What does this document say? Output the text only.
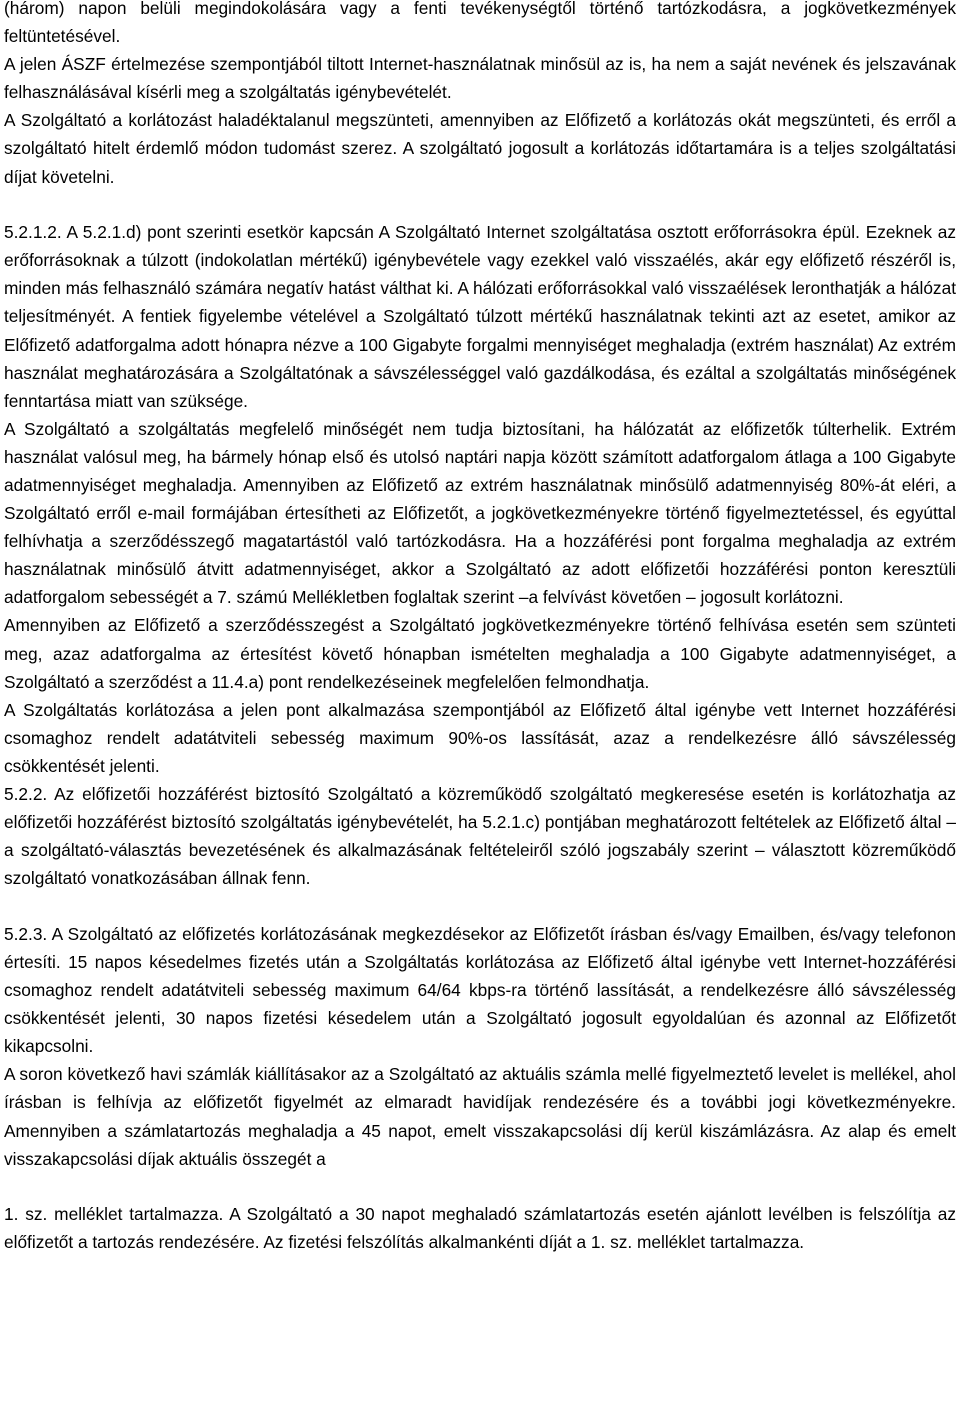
(három) napon belüli megindokolására vagy a fenti tevékenységtől történő tartózkodásra, a jogkövetkezmények feltüntetésével.

A jelen ÁSZF értelmezése szempontjából tiltott Internet-használatnak minősül az is, ha nem a saját nevének és jelszavának felhasználásával kísérli meg a szolgáltatás igénybevételét.

A Szolgáltató a korlátozást haladéktalanul megszünteti, amennyiben az Előfizető a korlátozás okát megszünteti, és erről a szolgáltató hitelt érdemlő módon tudomást szerez. A szolgáltató jogosult a korlátozás időtartamára is a teljes szolgáltatási díjat követelni.

5.2.1.2. A 5.2.1.d) pont szerinti esetkör kapcsán A Szolgáltató Internet szolgáltatása osztott erőforrásokra épül. Ezeknek az erőforrásoknak a túlzott (indokolatlan mértékű) igénybevétele vagy ezekkel való visszaélés, akár egy előfizető részéről is, minden más felhasználó számára negatív hatást válthat ki. A hálózati erőforrásokkal való visszaélések leronthatják a hálózat teljesítményét. A fentiek figyelembe vételével a Szolgáltató túlzott mértékű használatnak tekinti azt az esetet, amikor az Előfizető adatforgalma adott hónapra nézve a 100 Gigabyte forgalmi mennyiséget meghaladja (extrém használat) Az extrém használat meghatározására a Szolgáltatónak a sávszélességgel való gazdálkodása, és ezáltal a szolgáltatás minőségének fenntartása miatt van szüksége.

A Szolgáltató a szolgáltatás megfelelő minőségét nem tudja biztosítani, ha hálózatát az előfizetők túlterhelik. Extrém használat valósul meg, ha bármely hónap első és utolsó naptári napja között számított adatforgalom átlaga a 100 Gigabyte adatmennyiséget meghaladja. Amennyiben az Előfizető az extrém használatnak minősülő adatmennyiség 80%-át eléri, a Szolgáltató erről e-mail formájában értesítheti az Előfizetőt, a jogkövetkezményekre történő figyelmeztetéssel, és egyúttal felhívhatja a szerződésszegő magatartástól való tartózkodásra. Ha a hozzáférési pont forgalma meghaladja az extrém használatnak minősülő átvitt adatmennyiséget, akkor a Szolgáltató az adott előfizetői hozzáférési ponton keresztüli adatforgalom sebességét a 7. számú Mellékletben foglaltak szerint –a felvívást követően – jogosult korlátozni.

Amennyiben az Előfizető a szerződésszegést a Szolgáltató jogkövetkezményekre történő felhívása esetén sem szünteti meg, azaz adatforgalma az értesítést követő hónapban ismételten meghaladja a 100 Gigabyte adatmennyiséget, a Szolgáltató a szerződést a 11.4.a) pont rendelkezéseinek megfelelően felmondhatja.

A Szolgáltatás korlátozása a jelen pont alkalmazása szempontjából az Előfizető által igénybe vett Internet hozzáférési csomaghoz rendelt adatátviteli sebesség maximum 90%-os lassítását, azaz a rendelkezésre álló sávszélesség csökkentését jelenti.

5.2.2. Az előfizetői hozzáférést biztosító Szolgáltató a közreműködő szolgáltató megkeresése esetén is korlátozhatja az előfizetői hozzáférést biztosító szolgáltatás igénybevételét, ha 5.2.1.c) pontjában meghatározott feltételek az Előfizető által – a szolgáltató-választás bevezetésének és alkalmazásának feltételeiről szóló jogszabály szerint – választott közreműködő szolgáltató vonatkozásában állnak fenn.

5.2.3. A Szolgáltató az előfizetés korlátozásának megkezdésekor az Előfizetőt írásban és/vagy Emailben, és/vagy telefonon értesíti. 15 napos késedelmes fizetés után a Szolgáltatás korlátozása az Előfizető által igénybe vett Internet-hozzáférési csomaghoz rendelt adatátviteli sebesség maximum 64/64 kbps-ra történő lassítását, a rendelkezésre álló sávszélesség csökkentését jelenti, 30 napos fizetési késedelem után a Szolgáltató jogosult egyoldalúan és azonnal az Előfizetőt kikapcsolni.

A soron következő havi számlák kiállításakor az a Szolgáltató az aktuális számla mellé figyelmeztető levelet is mellékel, ahol írásban is felhívja az előfizetőt figyelmét az elmaradt havidíjak rendezésére és a további jogi következményekre. Amennyiben a számlatartozás meghaladja a 45 napot, emelt visszakapcsolási díj kerül kiszámlázásra. Az alap és emelt visszakapcsolási díjak aktuális összegét a

1. sz. melléklet tartalmazza. A Szolgáltató a 30 napot meghaladó számlatartozás esetén ajánlott levélben is felszólítja az előfizetőt a tartozás rendezésére. Az fizetési felszólítás alkalmankénti díját a 1. sz. melléklet tartalmazza.
